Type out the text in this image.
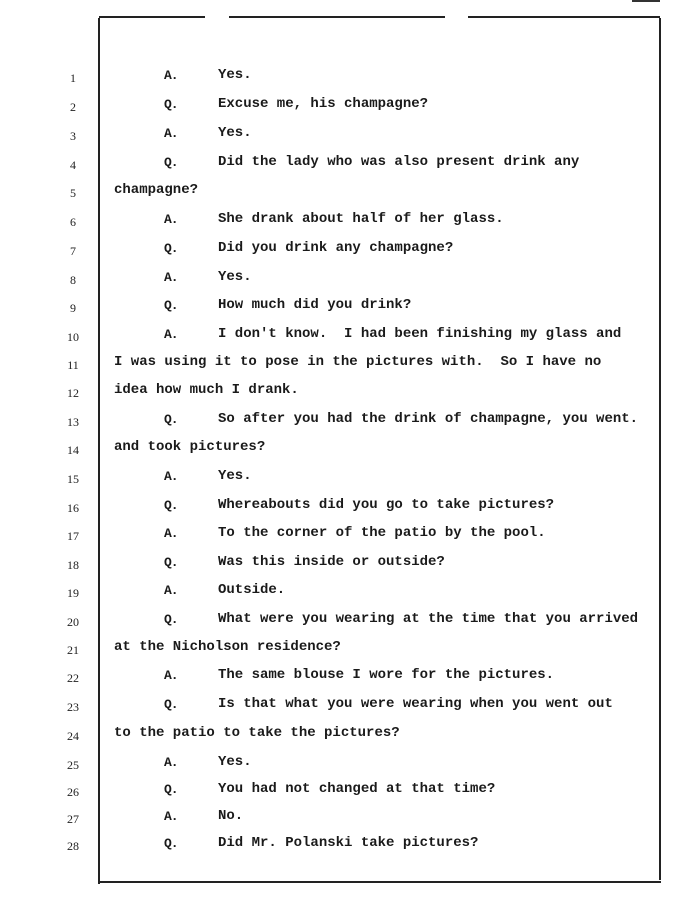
1	A.	Yes.
2	Q.	Excuse me, his champagne?
3	A.	Yes.
4	Q.	Did the lady who was also present drink any
5	champagne?
6	A.	She drank about half of her glass.
7	Q.	Did you drink any champagne?
8	A.	Yes.
9	Q.	How much did you drink?
10	A.	I don't know.  I had been finishing my glass and
11	I was using it to pose in the pictures with.  So I have no
12	idea how much I drank.
13	Q.	So after you had the drink of champagne, you went.
14	and took pictures?
15	A.	Yes.
16	Q.	Whereabouts did you go to take pictures?
17	A.	To the corner of the patio by the pool.
18	Q.	Was this inside or outside?
19	A.	Outside.
20	Q.	What were you wearing at the time that you arrived
21	at the Nicholson residence?
22	A.	The same blouse I wore for the pictures.
23	Q.	Is that what you were wearing when you went out
24	to the patio to take the pictures?
25	A.	Yes.
26	Q.	You had not changed at that time?
27	A.	No.
28	Q.	Did Mr. Polanski take pictures?
